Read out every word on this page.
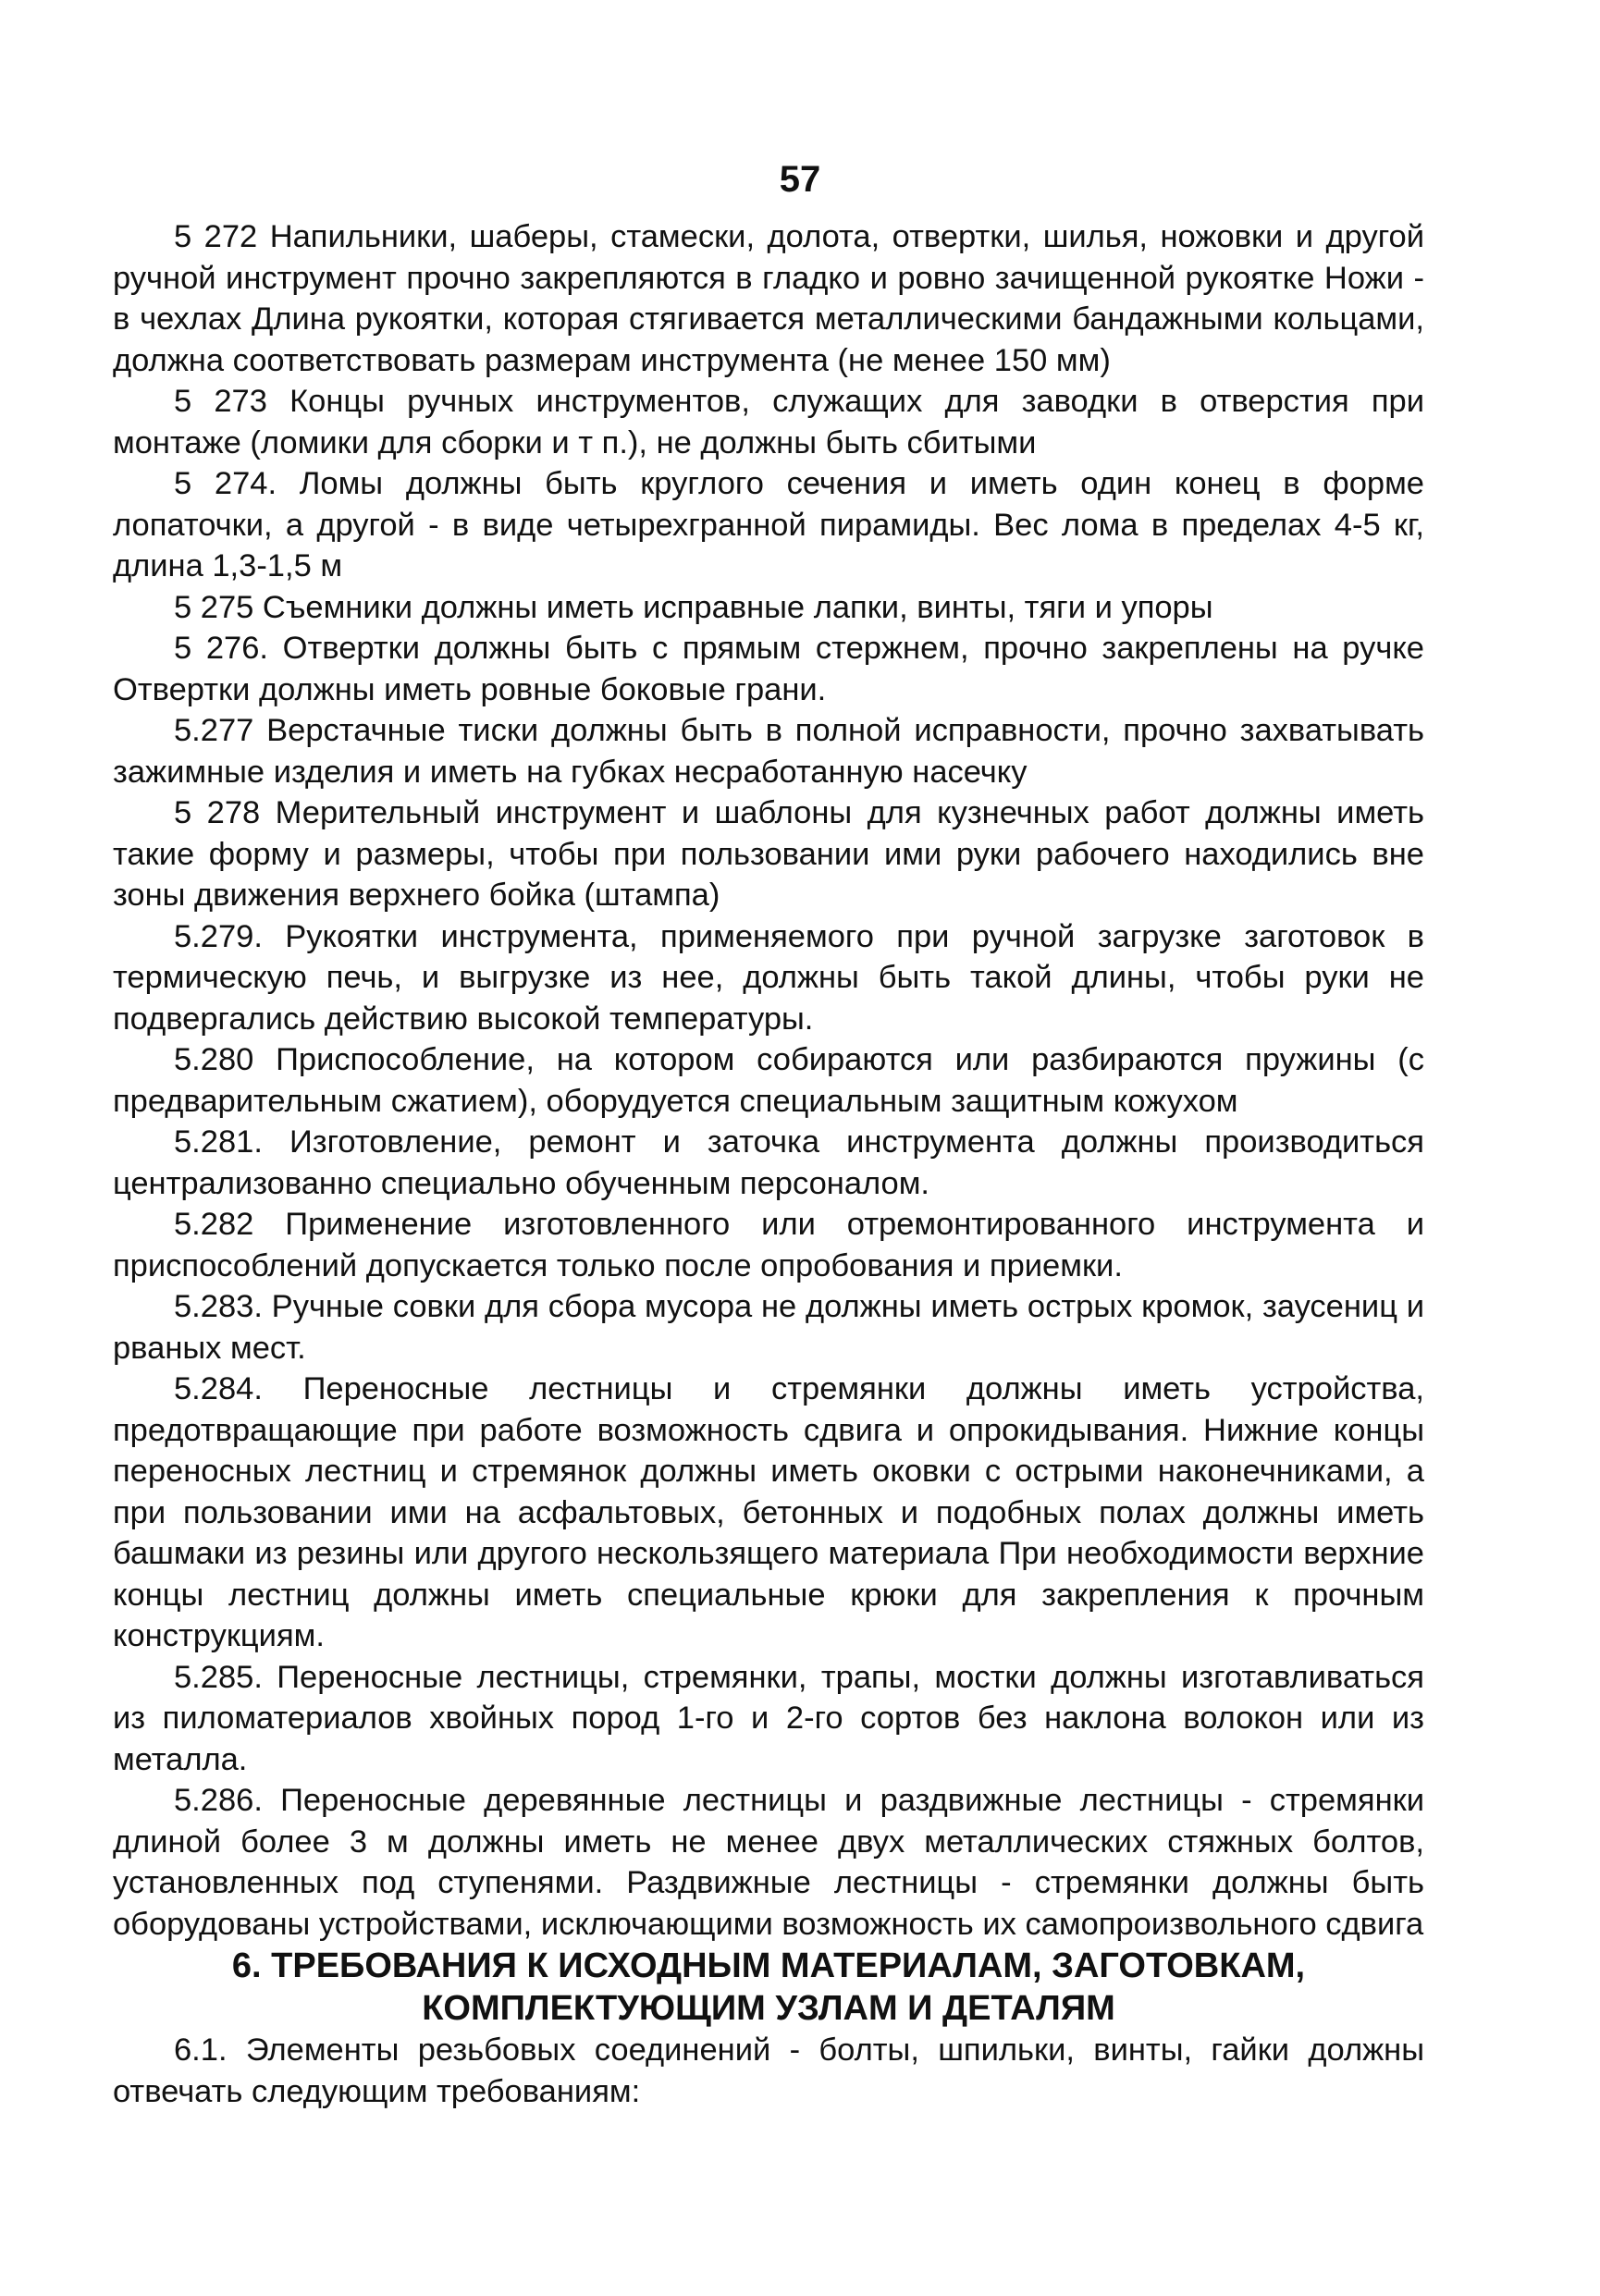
57

5 272 Напильники, шаберы, стамески, долота, отвертки, шилья, ножовки и другой ручной инструмент прочно закрепляются в гладко и ровно зачищенной рукоятке Ножи - в чехлах Длина рукоятки, которая стягивается металлическими бандажными кольцами, должна соответствовать размерам инструмента (не менее 150 мм)

5 273 Концы ручных инструментов, служащих для заводки в отверстия при монтаже (ломики для сборки и т п.), не должны быть сбитыми

5 274. Ломы должны быть круглого сечения и иметь один конец в форме лопаточки, а другой - в виде четырехгранной пирамиды. Вес лома в пределах 4-5 кг, длина 1,3-1,5 м

5 275 Съемники должны иметь исправные лапки, винты, тяги и упоры

5 276. Отвертки должны быть с прямым стержнем, прочно закреплены на ручке Отвертки должны иметь ровные боковые грани.

5.277 Верстачные тиски должны быть в полной исправности, прочно захватывать зажимные изделия и иметь на губках несработанную насечку

5 278 Мерительный инструмент и шаблоны для кузнечных работ должны иметь такие форму и размеры, чтобы при пользовании ими руки рабочего находились вне зоны движения верхнего бойка (штампа)

5.279. Рукоятки инструмента, применяемого при ручной загрузке заготовок в термическую печь, и выгрузке из нее, должны быть такой длины, чтобы руки не подвергались действию высокой температуры.

5.280 Приспособление, на котором собираются или разбираются пружины (с предварительным сжатием), оборудуется специальным защитным кожухом

5.281. Изготовление, ремонт и заточка инструмента должны производиться централизованно специально обученным персоналом.

5.282 Применение изготовленного или отремонтированного инструмента и приспособлений допускается только после опробования и приемки.

5.283. Ручные совки для сбора мусора не должны иметь острых кромок, заусениц и рваных мест.

5.284. Переносные лестницы и стремянки должны иметь устройства, предотвращающие при работе возможность сдвига и опрокидывания. Нижние концы переносных лестниц и стремянок должны иметь оковки с острыми наконечниками, а при пользовании ими на асфальтовых, бетонных и подобных полах должны иметь башмаки из резины или другого нескользящего материала При необходимости верхние концы лестниц должны иметь специальные крюки для закрепления к прочным конструкциям.

5.285. Переносные лестницы, стремянки, трапы, мостки должны изготавливаться из пиломатериалов хвойных пород 1-го и 2-го сортов без наклона волокон или из металла.

5.286. Переносные деревянные лестницы и раздвижные лестницы - стремянки длиной более 3 м должны иметь не менее двух металлических стяжных болтов, установленных под ступенями. Раздвижные лестницы - стремянки должны быть оборудованы устройствами, исключающими возможность их самопроизвольного сдвига

6. ТРЕБОВАНИЯ К ИСХОДНЫМ МАТЕРИАЛАМ, ЗАГОТОВКАМ,
КОМПЛЕКТУЮЩИМ УЗЛАМ И ДЕТАЛЯМ

6.1. Элементы резьбовых соединений - болты, шпильки, винты, гайки должны отвечать следующим требованиям:
